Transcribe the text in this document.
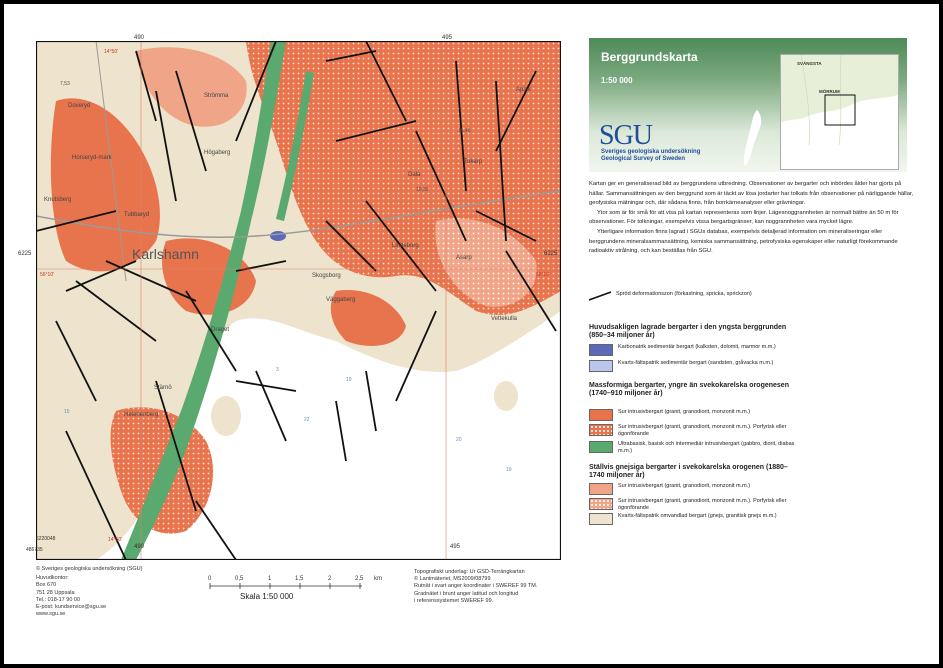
Karlshamn
Strömma
Högaberg
Horseryd-mark
Knutsberg
Tubbaryd
Skogsborg
Lindeborg
Väggaberg
Vettekulla
Draget
Stärnö
Helenenberg
Tokarp
Dala
Asarp
Doveryd
Aplak
7,53
10,89
16,46
15
22
19
3
20
19
490	495
14°50'
6225
56°10'
6225
56°10'
490	495
14°50'
6220048
486735
© Sveriges geologiska undersökning (SGU)
Huvudkontor:
Box 670
751 28 Uppsala
Tel.: 018-17 90 00
E-post: kundservice@sgu.se
www.sgu.se
0	0,5	1	1,5	2	2,5 km
Skala 1:50 000
Topografiskt underlag: Ur GSD-Terrängkartan
© Lantmäteriet, MS2009/08799
Rutnät i svart anger koordinater i SWEREF 99 TM.
Gradnätet i brunt anger latitud och longitud
i referenssystemet SWEREF 99.
Berggrundskarta
1:50 000
SGU
Sveriges geologiska undersökning
Geological Survey of Sweden
SVÄNGSTA
MÖRRUM

Kartan ger en generaliserad bild av berggrundens utbredning. Observationer av bergarter och inbördes ålder har gjorts på hällar. Sammansättningen av den berggrund som är täckt av lösa jordarter har tolkats från observationer på närliggande hällar, geofysiska mätningar och, där sådana finns, från borrkärneanalyser eller grävningar.

Ytor som är för små för att visa på kartan representeras som linjer. Lägesnoggrannheten är normalt bättre än 50 m för observationer. För tolkningar, exempelvis vissa bergartsgränser, kan noggrannheten vara mycket lägre.

Ytterligare information finns lagrad i SGUs databas, exempelvis detaljerad information om mineraliseringar eller berggrundens mineralsammansättning, kemiska sammansättning, petrofysiska egenskaper eller naturligt förekommande radioaktiv strålning, och kan beställas från SGU.

Spröd deformationszon (förkastning, spricka, sprickzon)
Huvudsakligen lagrade bergarter i den yngsta berggrunden (850–34 miljoner år)
Karbonatrik sedimentär bergart (kalksten, dolomit, marmor m.m.)
Kvarts-fältspatrik sedimentär bergart (sandsten, gråvacka m.m.)
Massformiga bergarter, yngre än svekokarelska orogenesen (1740–910 miljoner år)
Sur intrusivbergart (granit, granodiorit, monzonit m.m.)
Sur intrusivbergart (granit, granodiorit, monzonit m.m.). Porfyrisk eller ögonförande
Ultrabasisk, basisk och intermediär intrusivbergart (gabbro, diorit, diabas m.m.)
Ställvis gnejsiga bergarter i svekokarelska orogenen (1880–1740 miljoner år)
Sur intrusivbergart (granit, granodiorit, monzonit m.m.)
Sur intrusivbergart (granit, granodiorit, monzonit m.m.). Porfyrisk eller ögonförande
Kvarts-fältspatrik omvandlad bergart (gnejs, granitisk gnejs m.m.)
